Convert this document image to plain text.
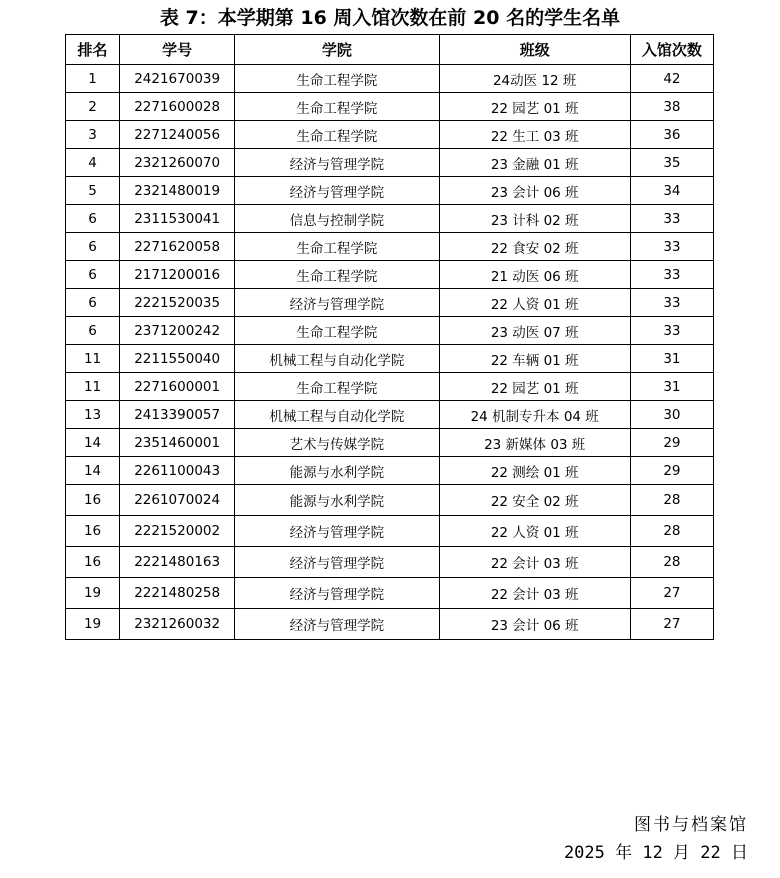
表 7：本学期第 16 周入馆次数在前 20 名的学生名单
排名	学号	学院	班级	入馆次数
1	2421670039	生命工程学院	24动医 12 班	42
2	2271600028	生命工程学院	22 园艺 01 班	38
3	2271240056	生命工程学院	22 生工 03 班	36
4	2321260070	经济与管理学院	23 金融 01 班	35
5	2321480019	经济与管理学院	23 会计 06 班	34
6	2311530041	信息与控制学院	23 计科 02 班	33
6	2271620058	生命工程学院	22 食安 02 班	33
6	2171200016	生命工程学院	21 动医 06 班	33
6	2221520035	经济与管理学院	22 人资 01 班	33
6	2371200242	生命工程学院	23 动医 07 班	33
11	2211550040	机械工程与自动化学院	22 车辆 01 班	31
11	2271600001	生命工程学院	22 园艺 01 班	31
13	2413390057	机械工程与自动化学院	24 机制专升本 04 班	30
14	2351460001	艺术与传媒学院	23 新媒体 03 班	29
14	2261100043	能源与水利学院	22 测绘 01 班	29
16	2261070024	能源与水利学院	22 安全 02 班	28
16	2221520002	经济与管理学院	22 人资 01 班	28
16	2221480163	经济与管理学院	22 会计 03 班	28
19	2221480258	经济与管理学院	22 会计 03 班	27
19	2321260032	经济与管理学院	23 会计 06 班	27
图书与档案馆
2025 年 12 月 22 日
